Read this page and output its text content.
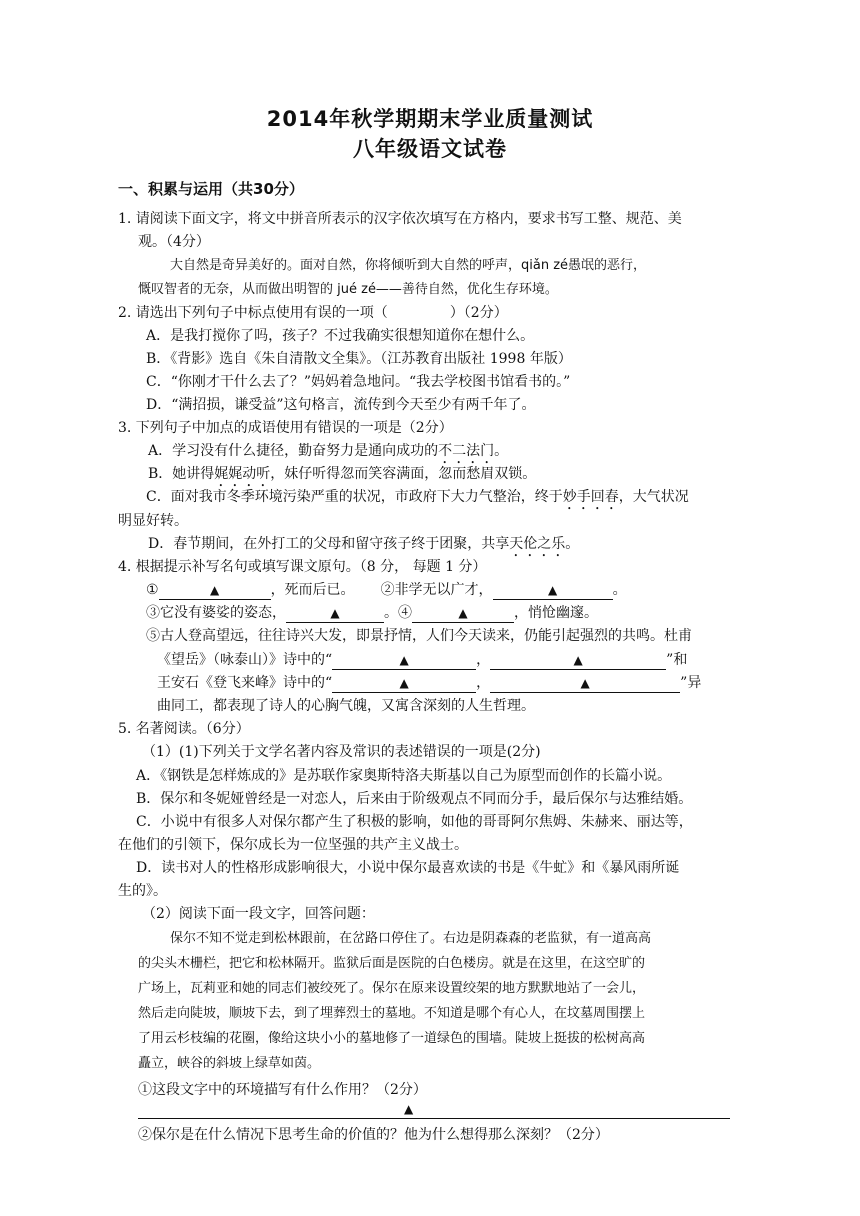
2014年秋学期期末学业质量测试
八年级语文试卷
一、积累与运用（共30分）
1. 请阅读下面文字，将文中拼音所表示的汉字依次填写在方格内，要求书写工整、规范、美
观。（4分）
大自然是奇异美好的。面对自然，你将倾听到大自然的呼声，qiǎn zé愚氓的恶行，
慨叹智者的无奈，从而做出明智的 jué zé——善待自然，优化生存环境。
2. 请选出下列句子中标点使用有误的一项（	）（2分）
A．是我打搅你了吗，孩子？不过我确实很想知道你在想什么。
B．《背影》选自《朱自清散文全集》。（江苏教育出版社 1998 年版）
C．“你刚才干什么去了？”妈妈着急地问。“我去学校图书馆看书的。”
D．“满招损，谦受益”这句格言，流传到今天至少有两千年了。
3. 下列句子中加点的成语使用有错误的一项是（2分）
A．学习没有什么捷径，勤奋努力是通向成功的不二法门。
B．她讲得娓娓动听，妹仔听得忽而笑容满面，忽而愁眉双锁。
C．面对我市冬季环境污染严重的状况，市政府下大力气整治，终于妙手回春，大气状况
明显好转。
D．春节期间，在外打工的父母和留守孩子终于团聚，共享天伦之乐。
4. 根据提示补写名句或填写课文原句。（8 分， 每题 1 分）
①	▲	，死而后已。 ②非学无以广才，	▲	。
③它没有婆娑的姿态，	▲	。④	▲	，悄怆幽邃。
⑤古人登高望远，往往诗兴大发，即景抒情，人们今天读来，仍能引起强烈的共鸣。杜甫
《望岳》（咏泰山）》诗中的“	▲	，	▲	”和
王安石《登飞来峰》诗中的“	▲	，	▲	”异
曲同工，都表现了诗人的心胸气魄，又寓含深刻的人生哲理。
5. 名著阅读。（6分）
（1）(1)下列关于文学名著内容及常识的表述错误的一项是(2分)
A．《钢铁是怎样炼成的》是苏联作家奥斯特洛夫斯基以自己为原型而创作的长篇小说。
B．保尔和冬妮娅曾经是一对恋人，后来由于阶级观点不同而分手，最后保尔与达雅结婚。
C．小说中有很多人对保尔都产生了积极的影响，如他的哥哥阿尔焦姆、朱赫来、丽达等，
在他们的引领下，保尔成长为一位坚强的共产主义战士。
D．读书对人的性格形成影响很大，小说中保尔最喜欢读的书是《牛虻》和《暴风雨所诞
生的》。
（2）阅读下面一段文字，回答问题：
保尔不知不觉走到松林跟前，在岔路口停住了。右边是阴森森的老监狱，有一道高高
的尖头木栅栏，把它和松林隔开。监狱后面是医院的白色楼房。就是在这里，在这空旷的
广场上，瓦莉亚和她的同志们被绞死了。保尔在原来设置绞架的地方默默地站了一会儿，
然后走向陡坡，顺坡下去，到了埋葬烈士的墓地。不知道是哪个有心人，在坟墓周围摆上
了用云杉枝编的花圈，像给这块小小的墓地修了一道绿色的围墙。陡坡上挺拔的松树高高
矗立，峡谷的斜坡上绿草如茵。
①这段文字中的环境描写有什么作用？（2分）
▲
②保尔是在什么情况下思考生命的价值的？他为什么想得那么深刻？（2分）
